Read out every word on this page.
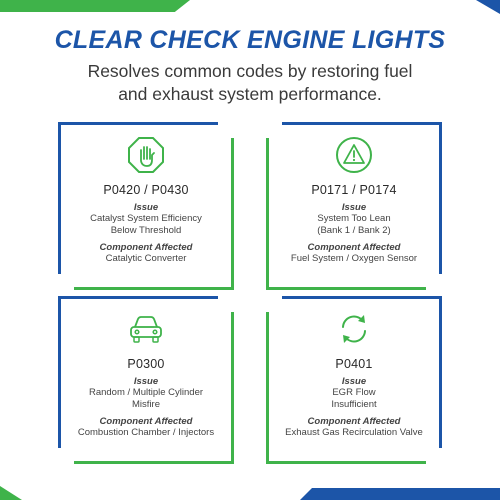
CLEAR CHECK ENGINE LIGHTS
Resolves common codes by restoring fuel
and exhaust system performance.
P0420 / P0430
Issue
Catalyst System Efficiency
Below Threshold
Component Affected
Catalytic Converter
P0171 / P0174
Issue
System Too Lean
(Bank 1 / Bank 2)
Component Affected
Fuel System / Oxygen Sensor
P0300
Issue
Random / Multiple Cylinder
Misfire
Component Affected
Combustion Chamber / Injectors
P0401
Issue
EGR Flow
Insufficient
Component Affected
Exhaust Gas Recirculation Valve
